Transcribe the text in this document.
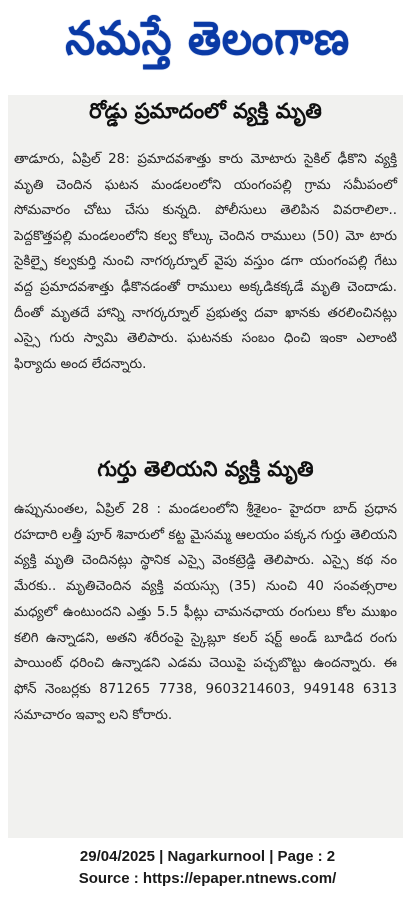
నమస్తే తెలంగాణ
రోడ్డు ప్రమాదంలో వ్యక్తి మృతి

తాడూరు, ఏప్రిల్ 28: ప్రమాదవశాత్తు కారు మోటారు సైకిల్ ఢీకొని వ్యక్తి మృతి చెందిన ఘటన మండలంలోని యంగంపల్లి గ్రామ సమీపంలో సోమవారం చోటు చేసు కున్నది. పోలీసులు తెలిపిన వివరాలిలా.. పెద్దకొత్తపల్లి మండలంలోని కల్వ కోల్కు చెందిన రాములు (50) మో టారు సైకిల్పై కల్వకుర్తి నుంచి నాగర్కర్నూల్ వైపు వస్తుం డగా యంగంపల్లి గేటు వద్ద ప్రమాదవశాత్తు ఢీకొనడంతో రాములు అక్కడికక్కడే మృతి చెందాడు. దీంతో మృతదే హాన్ని నాగర్కర్నూల్ ప్రభుత్వ దవా ఖానకు తరలించినట్లు ఎస్సై గురు స్వామి తెలిపారు. ఘటనకు సంబం ధించి ఇంకా ఎలాంటి ఫిర్యాదు అంద లేదన్నారు.

గుర్తు తెలియని వ్యక్తి మృతి

ఉప్పునుంతల, ఏప్రిల్ 28 : మండలంలోని శ్రీశైలం- హైదరా బాద్ ప్రధాన రహదారి లత్తీ పూర్ శివారులో కట్ట మైసమ్మ ఆలయం పక్కన గుర్తు తెలియని వ్యక్తి మృతి చెందినట్లు స్థానిక ఎస్సై వెంకట్రెడ్డి తెలిపారు. ఎస్సై కథ నం మేరకు.. మృతిచెందిన వ్యక్తి వయస్సు (35) నుంచి 40 సంవత్సరాల మధ్యలో ఉంటుందని ఎత్తు 5.5 ఫీట్లు చామనఛాయ రంగులు కోల ముఖం కలిగి ఉన్నాడని, అతని శరీరంపై స్కైబ్లూ కలర్ షర్ట్ అండ్ బూడిద రంగు పాయింట్ ధరించి ఉన్నాడని ఎడమ చెయిపై పచ్చబొట్టు ఉందన్నారు. ఈ ఫోన్ నెంబర్లకు 871265 7738, 9603214603, 949148 6313 సమాచారం ఇవ్వా లని కోరారు.

29/04/2025 | Nagarkurnool | Page : 2
Source : https://epaper.ntnews.com/
